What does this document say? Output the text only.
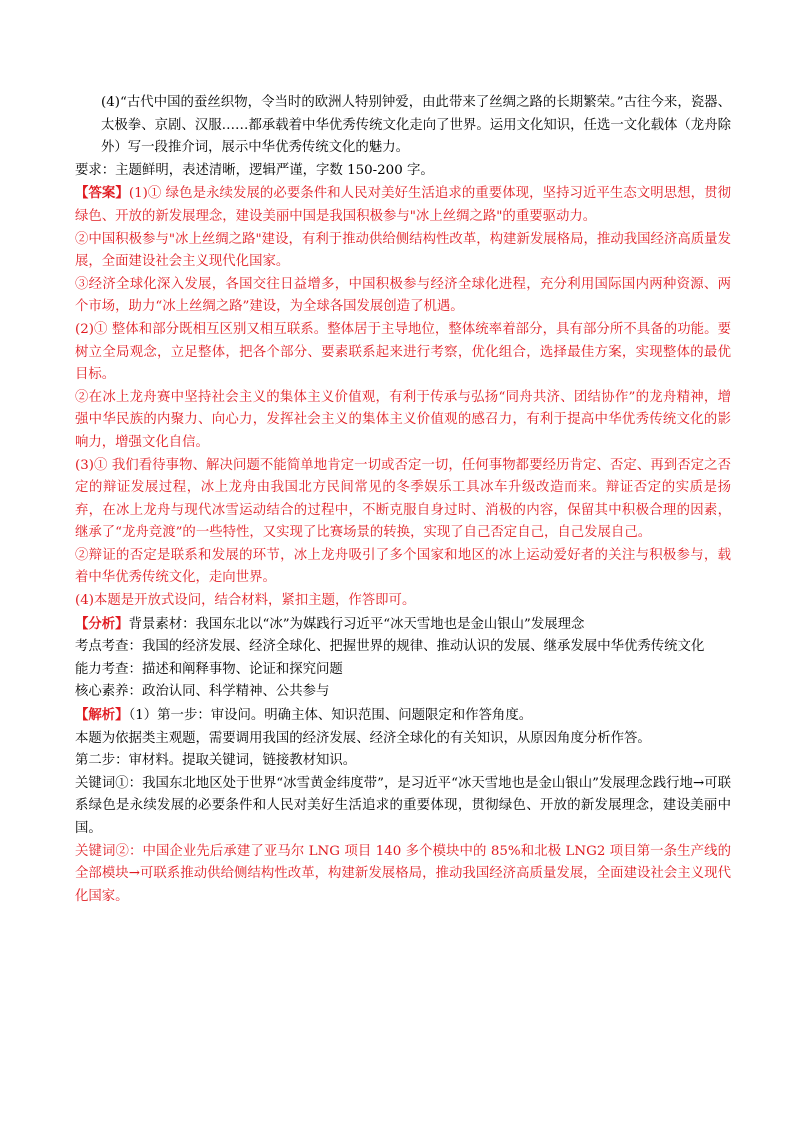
(4)“古代中国的蚕丝织物，令当时的欧洲人特别钟爱，由此带来了丝绸之路的长期繁荣。”古往今来，瓷器、太极拳、京剧、汉服……都承载着中华优秀传统文化走向了世界。运用文化知识，任选一文化载体（龙舟除外）写一段推介词，展示中华优秀传统文化的魅力。

要求：主题鲜明，表述清晰，逻辑严谨，字数 150-200 字。

【答案】(1)① 绿色是永续发展的必要条件和人民对美好生活追求的重要体现，坚持习近平生态文明思想，贯彻绿色、开放的新发展理念，建设美丽中国是我国积极参与"冰上丝绸之路"的重要驱动力。

②中国积极参与"冰上丝绸之路"建设，有利于推动供给侧结构性改革，构建新发展格局，推动我国经济高质量发展，全面建设社会主义现代化国家。

③经济全球化深入发展，各国交往日益增多，中国积极参与经济全球化进程，充分利用国际国内两种资源、两个市场，助力“冰上丝绸之路”建设，为全球各国发展创造了机遇。

(2)① 整体和部分既相互区别又相互联系。整体居于主导地位，整体统率着部分，具有部分所不具备的功能。要树立全局观念，立足整体，把各个部分、要素联系起来进行考察，优化组合，选择最佳方案，实现整体的最优目标。

②在冰上龙舟赛中坚持社会主义的集体主义价值观，有利于传承与弘扬“同舟共济、团结协作”的龙舟精神，增强中华民族的内聚力、向心力，发挥社会主义的集体主义价值观的感召力，有利于提高中华优秀传统文化的影响力，增强文化自信。

(3)① 我们看待事物、解决问题不能简单地肯定一切或否定一切，任何事物都要经历肯定、否定、再到否定之否定的辩证发展过程，冰上龙舟由我国北方民间常见的冬季娱乐工具冰车升级改造而来。辩证否定的实质是扬弃，在冰上龙舟与现代冰雪运动结合的过程中，不断克服自身过时、消极的内容，保留其中积极合理的因素，继承了“龙舟竞渡”的一些特性，又实现了比赛场景的转换，实现了自己否定自己，自己发展自己。

②辩证的否定是联系和发展的环节，冰上龙舟吸引了多个国家和地区的冰上运动爱好者的关注与积极参与，载着中华优秀传统文化，走向世界。

(4)本题是开放式设问，结合材料，紧扣主题，作答即可。

【分析】背景素材：我国东北以“冰”为媒践行习近平“冰天雪地也是金山银山”发展理念

考点考查：我国的经济发展、经济全球化、把握世界的规律、推动认识的发展、继承发展中华优秀传统文化

能力考查：描述和阐释事物、论证和探究问题

核心素养：政治认同、科学精神、公共参与

【解析】（1）第一步：审设问。明确主体、知识范围、问题限定和作答角度。

本题为依据类主观题，需要调用我国的经济发展、经济全球化的有关知识，从原因角度分析作答。

第二步：审材料。提取关键词，链接教材知识。

关键词①：我国东北地区处于世界“冰雪黄金纬度带”，是习近平“冰天雪地也是金山银山”发展理念践行地→可联系绿色是永续发展的必要条件和人民对美好生活追求的重要体现，贯彻绿色、开放的新发展理念，建设美丽中国。

关键词②：中国企业先后承建了亚马尔 LNG 项目 140 多个模块中的 85%和北极 LNG2 项目第一条生产线的全部模块→可联系推动供给侧结构性改革，构建新发展格局，推动我国经济高质量发展，全面建设社会主义现代化国家。
